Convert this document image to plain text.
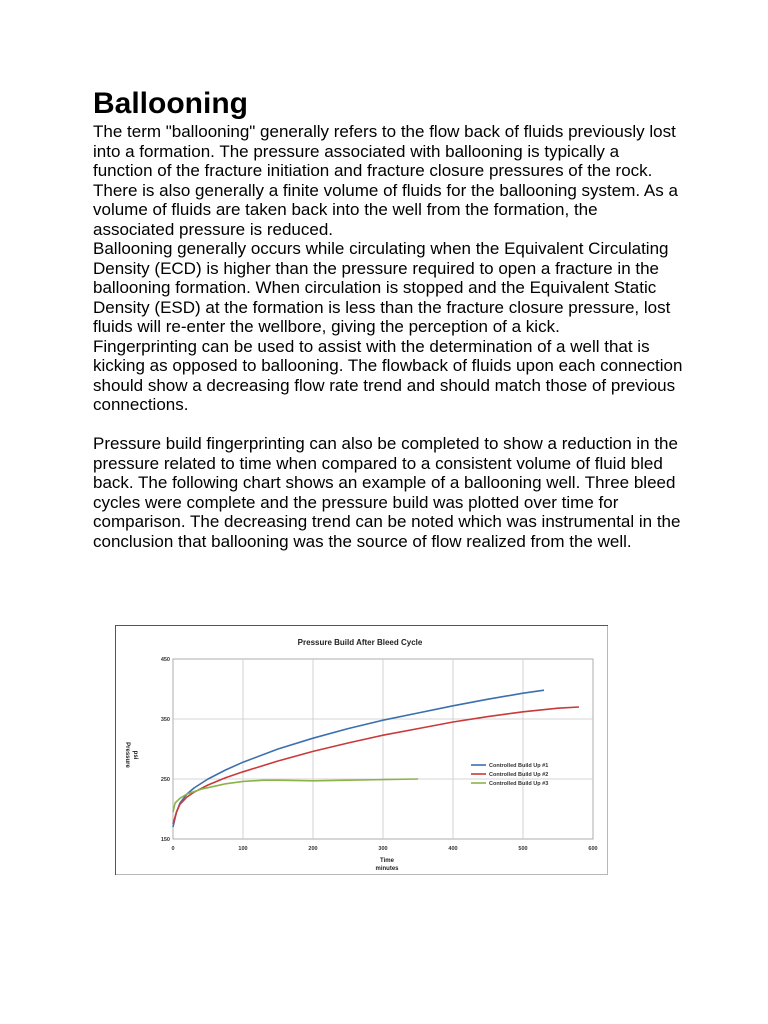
Ballooning

The term "ballooning" generally refers to the flow back of fluids previously lost into a formation. The pressure associated with ballooning is typically a function of the fracture initiation and fracture closure pressures of the rock. There is also generally a finite volume of fluids for the ballooning system. As a volume of fluids are taken back into the well from the formation, the associated pressure is reduced.

Ballooning generally occurs while circulating when the Equivalent Circulating Density (ECD) is higher than the pressure required to open a fracture in the ballooning formation. When circulation is stopped and the Equivalent Static Density (ESD) at the formation is less than the fracture closure pressure, lost fluids will re-enter the wellbore, giving the perception of a kick.

Fingerprinting can be used to assist with the determination of a well that is kicking as opposed to ballooning. The flowback of fluids upon each connection should show a decreasing flow rate trend and should match those of previous connections.

Pressure build fingerprinting can also be completed to show a reduction in the pressure related to time when compared to a consistent volume of fluid bled back. The following chart shows an example of a ballooning well. Three bleed cycles were complete and the pressure build was plotted over time for comparison. The decreasing trend can be noted which was instrumental in the conclusion that ballooning was the source of flow realized from the well.

Pressure Build After Bleed Cycle
0	100	200	300	400	500	600
150
250
350
450
Controlled Build Up #1
Controlled Build Up #2
Controlled Build Up #3
Pressure psi
Time
minutes
